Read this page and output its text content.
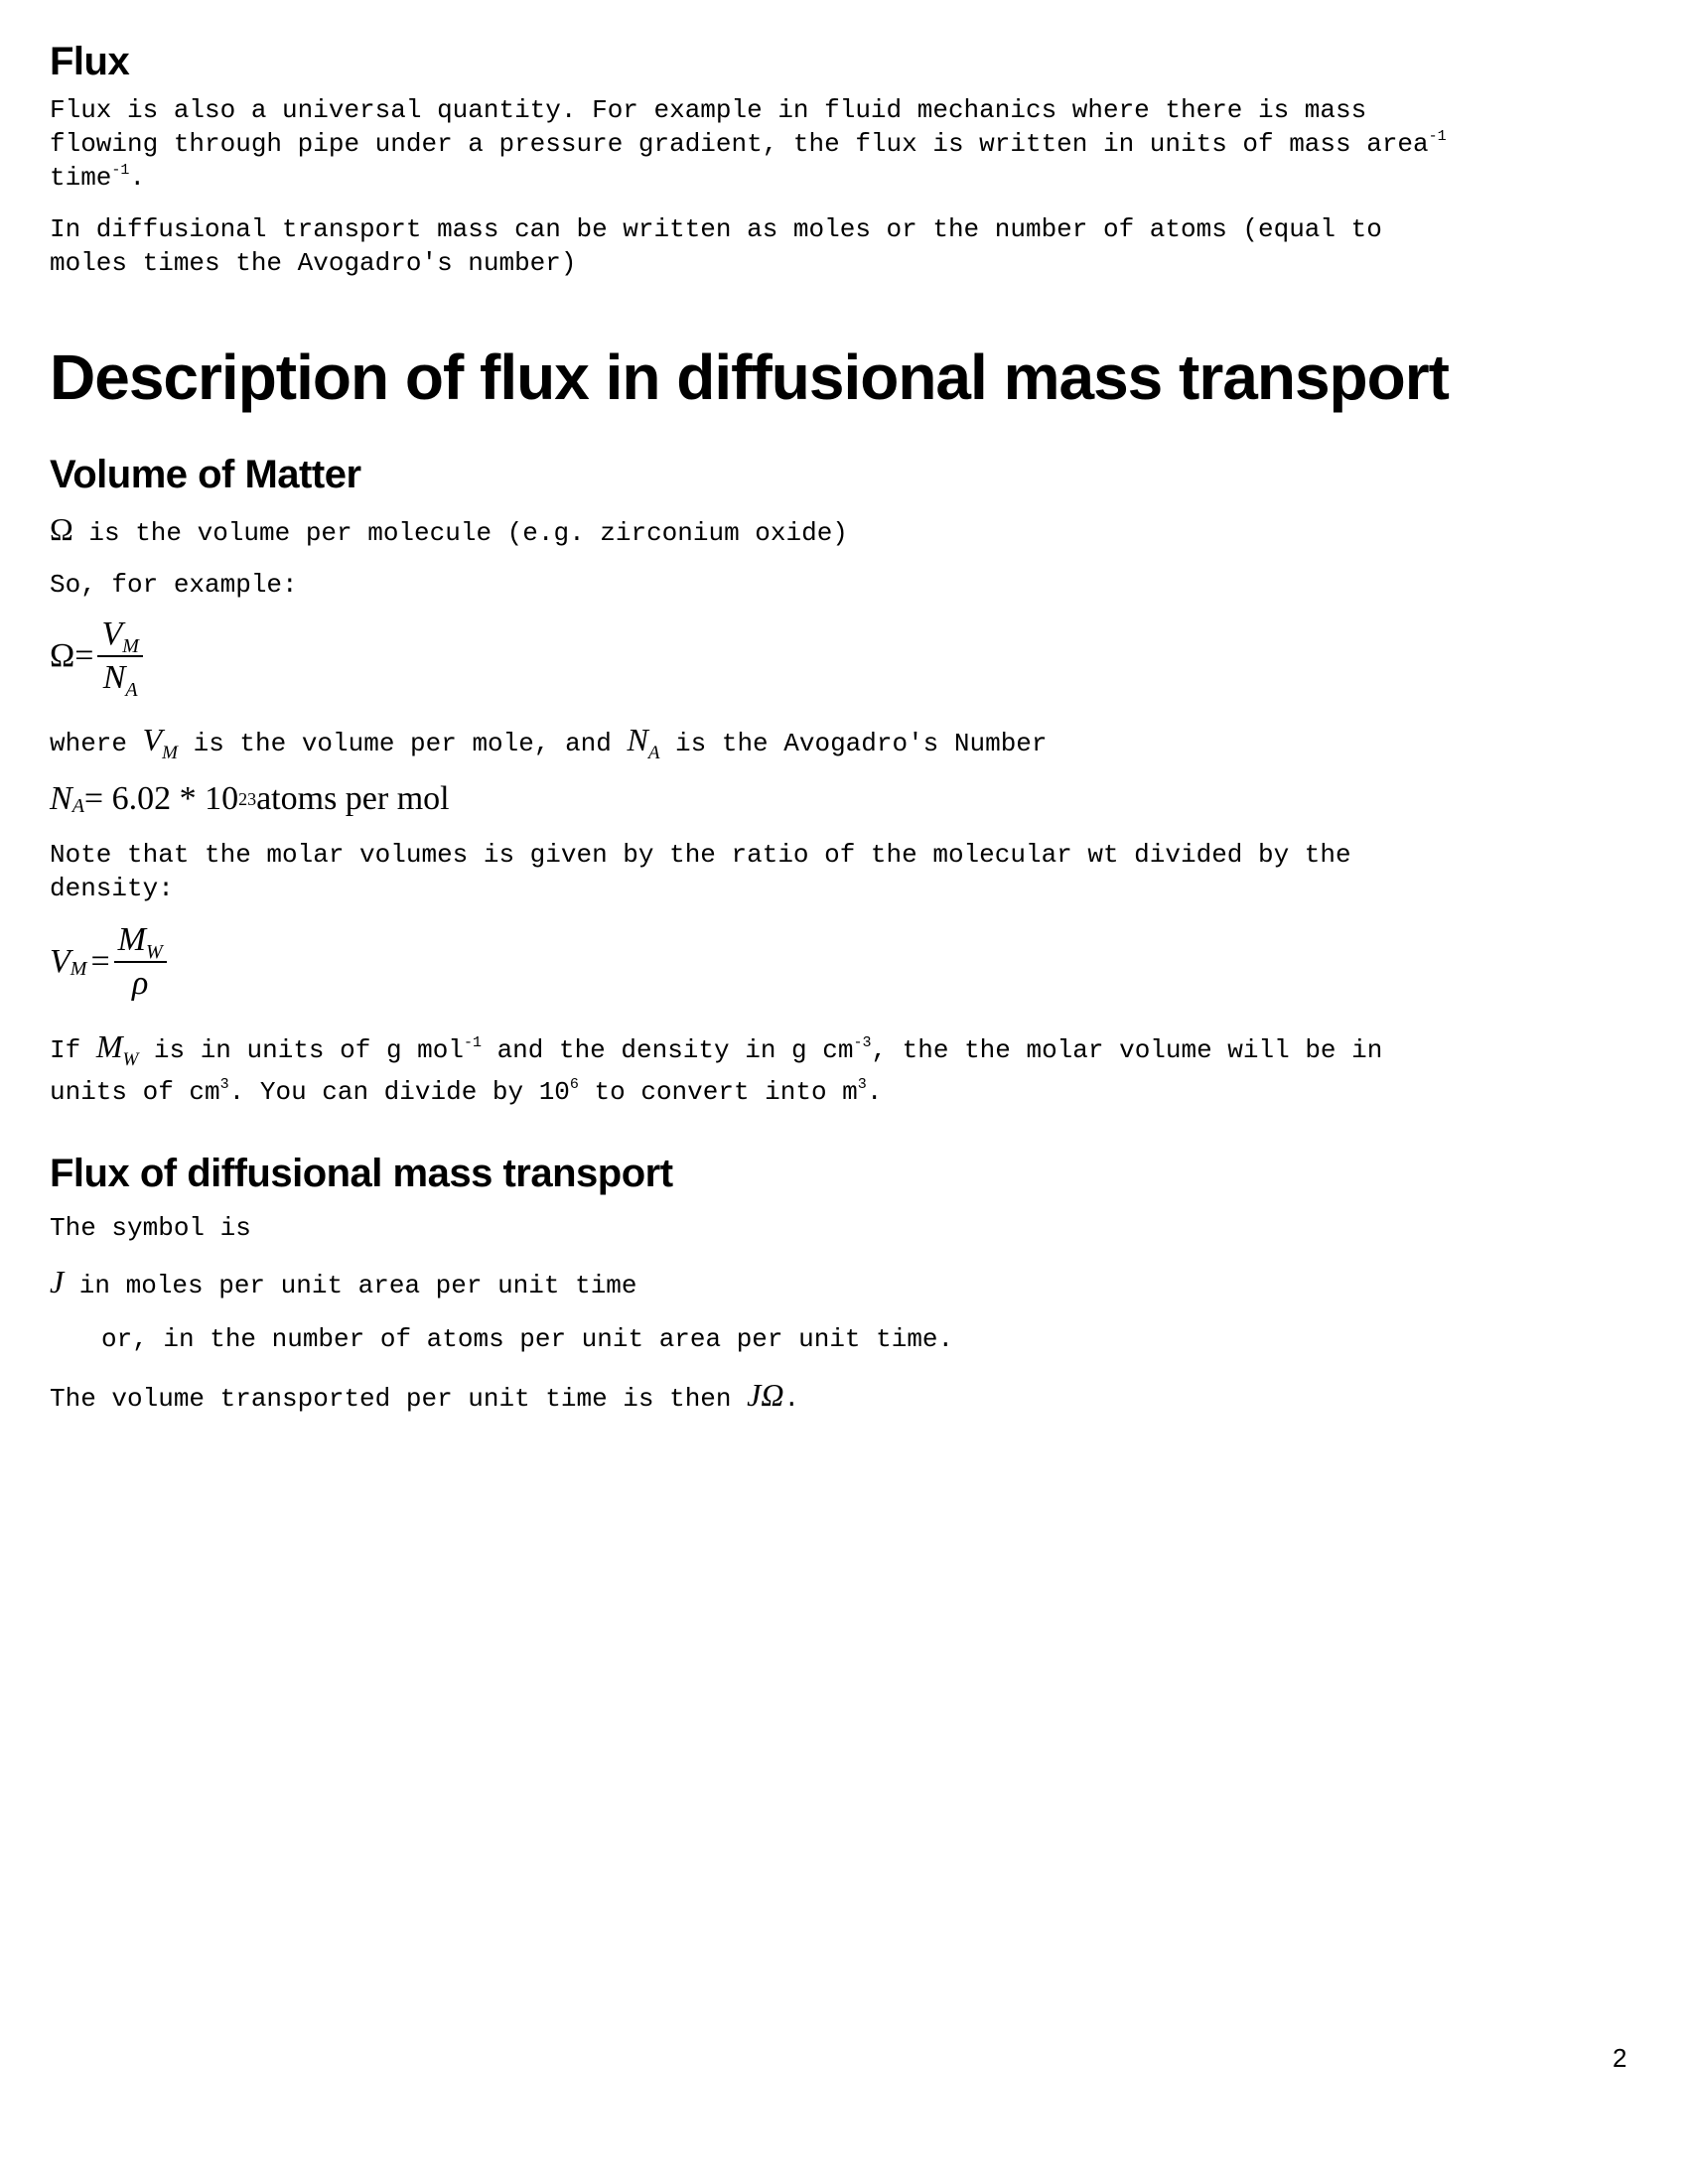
Flux

Flux is also a universal quantity. For example in fluid mechanics where there is mass
flowing through pipe under a pressure gradient, the flux is written in units of mass area$^{-1}$
time$^{-1}$.

In diffusional transport mass can be written as moles or the number of atoms (equal to
moles times the Avogadro's number)

Description of flux in diffusional mass transport
Volume of Matter

Ω is the volume per molecule (e.g. zirconium oxide)

So, for example:

$\Omega = \frac{V_M}{N_A}$

where $V_M$ is the volume per mole, and $N_A$ is the Avogadro's Number

N A = 6.02 * 10 23 atoms per mol

Note that the molar volumes is given by the ratio of the molecular wt divided by the
density:

V $M = \frac{M_W}{\rho}$

If $M_W$ is in units of g mol$^{-1}$ and the density in g $cm^{-3}$, the the molar volume will be in
units of $cm^3$. You can divide by $10^6$ to convert into $m^3$.

Flux of diffusional mass transport

The symbol is

J in moles per unit area per unit time

or, in the number of atoms per unit area per unit time.

The volume transported per unit time is then JΩ.

2
